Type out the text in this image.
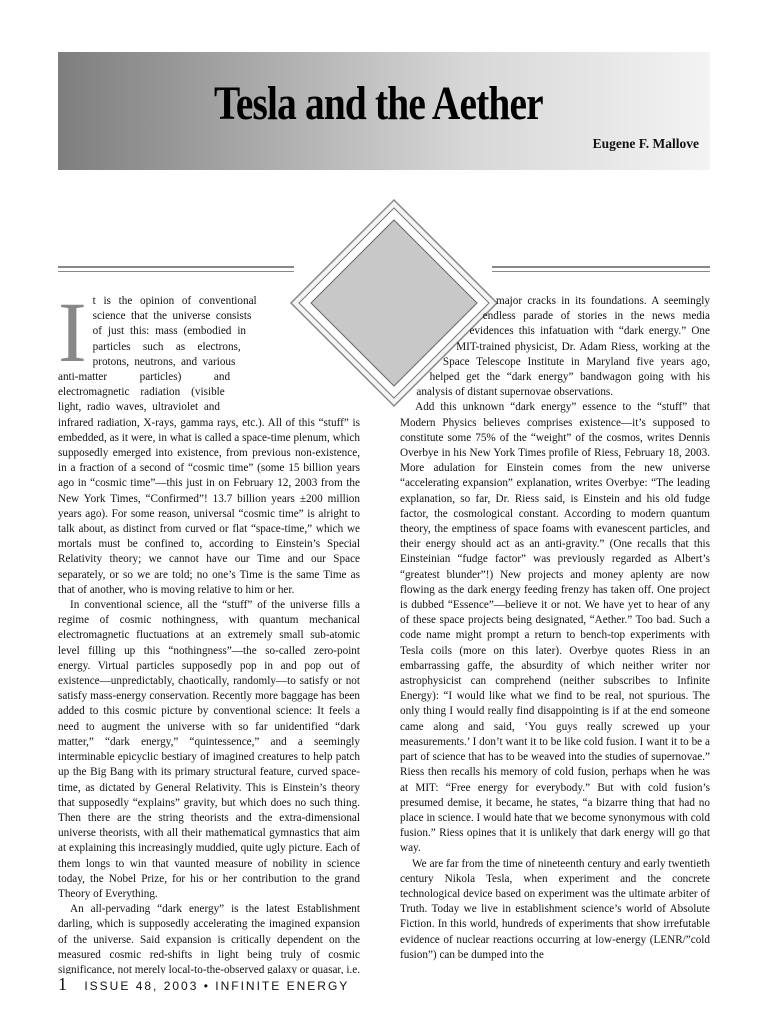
Tesla and the Aether
Eugene F. Mallove
I t is the opinion of conventional science that the universe consists of just this: mass (embodied in particles such as electrons, protons, neutrons, and various anti-matter particles) and electromagnetic radiation (visible light, radio waves, ultraviolet and infrared radiation, X-rays, gamma rays, etc.). All of this “stuff” is embedded, as it were, in what is called a space-time plenum, which supposedly emerged into existence, from previous non-existence, in a fraction of a second of “cosmic time” (some 15 billion years ago in “cosmic time”—this just in on February 12, 2003 from the New York Times, “Confirmed”! 13.7 billion years ±200 million years ago). For some reason, universal “cosmic time” is alright to talk about, as distinct from curved or flat “space-time,” which we mortals must be confined to, according to Einstein’s Special Relativity theory; we cannot have our Time and our Space separately, or so we are told; no one’s Time is the same Time as that of another, who is moving relative to him or her.

In conventional science, all the “stuff” of the universe fills a regime of cosmic nothingness, with quantum mechanical electromagnetic fluctuations at an extremely small sub-atomic level filling up this “nothingness”—the so-called zero-point energy. Virtual particles supposedly pop in and pop out of existence—unpredictably, chaotically, randomly—to satisfy or not satisfy mass-energy conservation. Recently more baggage has been added to this cosmic picture by conventional science: It feels a need to augment the universe with so far unidentified “dark matter,” “dark energy,” “quintessence,” and a seemingly interminable epicyclic bestiary of imagined creatures to help patch up the Big Bang with its primary structural feature, curved space-time, as dictated by General Relativity. This is Einstein’s theory that supposedly “explains” gravity, but which does no such thing. Then there are the string theorists and the extra-dimensional universe theorists, with all their mathematical gymnastics that aim at explaining this increasingly muddied, quite ugly picture. Each of them longs to win that vaunted measure of nobility in science today, the Nobel Prize, for his or her contribution to the grand Theory of Everything.

An all-pervading “dark energy” is the latest Establishment darling, which is supposedly accelerating the imagined expansion of the universe. Said expansion is critically dependent on the measured cosmic red-shifts in light being truly of cosmic significance, not merely local-to-the-observed galaxy or quasar, i.e.

major cracks in its foundations. A seemingly endless parade of stories in the news media evidences this infatuation with “dark energy.” One MIT-trained physicist, Dr. Adam Riess, working at the Space Telescope Institute in Maryland five years ago, helped get the “dark energy” bandwagon going with his analysis of distant supernovae observations.

Add this unknown “dark energy” essence to the “stuff” that Modern Physics believes comprises existence—it’s supposed to constitute some 75% of the “weight” of the cosmos, writes Dennis Overbye in his New York Times profile of Riess, February 18, 2003. More adulation for Einstein comes from the new universe “accelerating expansion” explanation, writes Overbye: “The leading explanation, so far, Dr. Riess said, is Einstein and his old fudge factor, the cosmological constant. According to modern quantum theory, the emptiness of space foams with evanescent particles, and their energy should act as an anti-gravity.” (One recalls that this Einsteinian “fudge factor” was previously regarded as Albert’s “greatest blunder”!) New projects and money aplenty are now flowing as the dark energy feeding frenzy has taken off. One project is dubbed “Essence”—believe it or not. We have yet to hear of any of these space projects being designated, “Aether.” Too bad. Such a code name might prompt a return to bench-top experiments with Tesla coils (more on this later). Overbye quotes Riess in an embarrassing gaffe, the absurdity of which neither writer nor astrophysicist can comprehend (neither subscribes to Infinite Energy): “I would like what we find to be real, not spurious. The only thing I would really find disappointing is if at the end someone came along and said, ‘You guys really screwed up your measurements.’ I don’t want it to be like cold fusion. I want it to be a part of science that has to be weaved into the studies of supernovae.” Riess then recalls his memory of cold fusion, perhaps when he was at MIT: “Free energy for everybody.” But with cold fusion’s presumed demise, it became, he states, “a bizarre thing that had no place in science. I would hate that we become synonymous with cold fusion.” Riess opines that it is unlikely that dark energy will go that way.

We are far from the time of nineteenth century and early twentieth century Nikola Tesla, when experiment and the concrete technological device based on experiment was the ultimate arbiter of Truth. Today we live in establishment science’s world of Absolute Fiction. In this world, hundreds of experiments that show irrefutable evidence of nuclear reactions occurring at low-energy (LENR/”cold fusion”) can be dumped into the

1 ISSUE 48, 2003 • INFINITE ENERGY
